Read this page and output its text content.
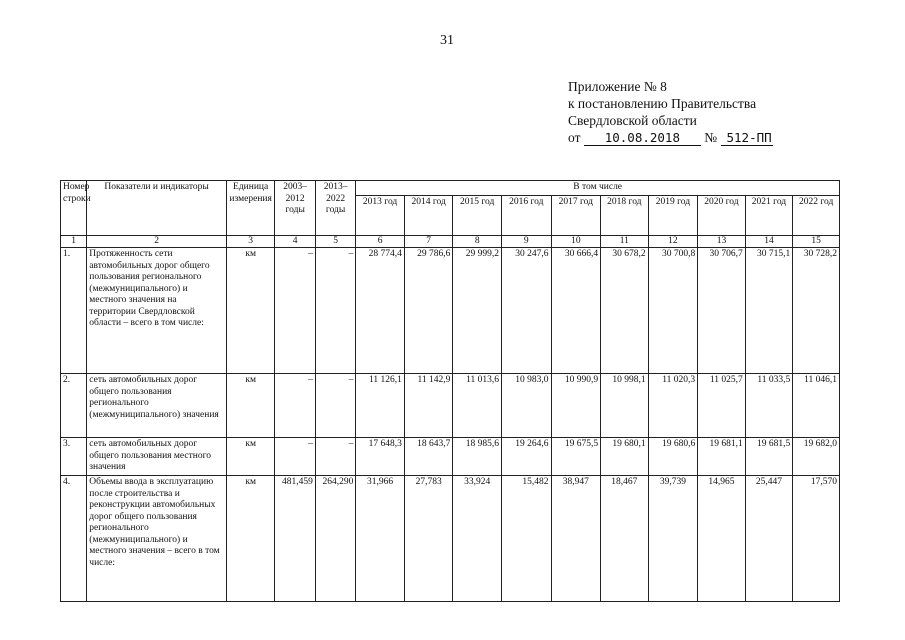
31
Приложение № 8
к постановлению Правительства
Свердловской области
от 10.08.2018 № 512-ПП
Номер строки	Показатели и индикаторы	Единица измерения	2003–2012 годы	2013–2022 годы	В том числе									
					2013 год	2014 год	2015 год	2016 год	2017 год	2018 год	2019 год	2020 год	2021 год	2022 год
1	2	3	4	5	6	7	8	9	10	11	12	13	14	15
1.	Протяженность сети автомобильных дорог общего пользования регионального (межмуниципального) и местного значения на территории Свердловской области – всего в том числе:	км	–	–	28 774,4	29 786,6	29 999,2	30 247,6	30 666,4	30 678,2	30 700,8	30 706,7	30 715,1	30 728,2
2.	сеть автомобильных дорог общего пользования регионального (межмуниципального) значения	км	–	–	11 126,1	11 142,9	11 013,6	10 983,0	10 990,9	10 998,1	11 020,3	11 025,7	11 033,5	11 046,1
3.	сеть автомобильных дорог общего пользования местного значения	км	–	–	17 648,3	18 643,7	18 985,6	19 264,6	19 675,5	19 680,1	19 680,6	19 681,1	19 681,5	19 682,0
4.	Объемы ввода в эксплуатацию после строительства и реконструкции автомобильных дорог общего пользования регионального (межмуниципального) и местного значения – всего в том числе:	км	481,459	264,290	31,966	27,783	33,924	15,482	38,947	18,467	39,739	14,965	25,447	17,570
